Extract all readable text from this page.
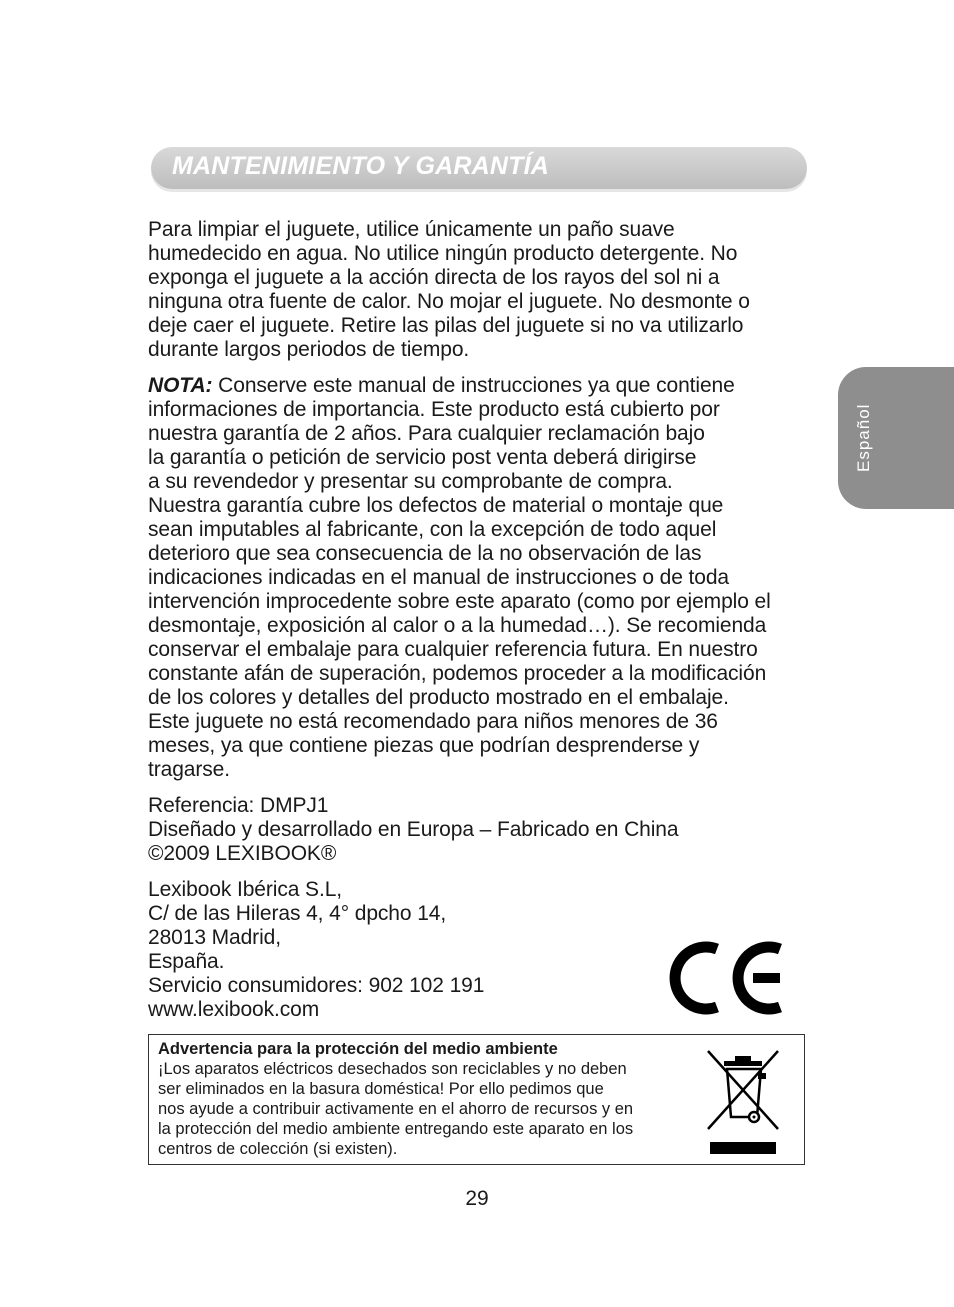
MANTENIMIENTO Y GARANTÍA
Español

Para limpiar el juguete, utilice únicamente un paño suave
humedecido en agua. No utilice ningún producto detergente. No
exponga el juguete a la acción directa de los rayos del sol ni a
ninguna otra fuente de calor. No mojar el juguete. No desmonte o
deje caer el juguete. Retire las pilas del juguete si no va utilizarlo
durante largos periodos de tiempo.

NOTA: Conserve este manual de instrucciones ya que contiene
informaciones de importancia. Este producto está cubierto por
nuestra garantía de 2 años. Para cualquier reclamación bajo
la garantía o petición de servicio post venta deberá dirigirse
a su revendedor y presentar su comprobante de compra.
Nuestra garantía cubre los defectos de material o montaje que
sean imputables al fabricante, con la excepción de todo aquel
deterioro que sea consecuencia de la no observación de las
indicaciones indicadas en el manual de instrucciones o de toda
intervención improcedente sobre este aparato (como por ejemplo el
desmontaje, exposición al calor o a la humedad…). Se recomienda
conservar el embalaje para cualquier referencia futura. En nuestro
constante afán de superación, podemos proceder a la modificación
de los colores y detalles del producto mostrado en el embalaje.
Este juguete no está recomendado para niños menores de 36
meses, ya que contiene piezas que podrían desprenderse y
tragarse.

Referencia: DMPJ1
Diseñado y desarrollado en Europa – Fabricado en China
©2009 LEXIBOOK®

Lexibook Ibérica S.L,
C/ de las Hileras 4, 4° dpcho 14,
28013 Madrid,
España.
Servicio consumidores: 902 102 191
www.lexibook.com

Advertencia para la protección del medio ambiente

¡Los aparatos eléctricos desechados son reciclables y no deben
ser eliminados en la basura doméstica! Por ello pedimos que
nos ayude a contribuir activamente en el ahorro de recursos y en
la protección del medio ambiente entregando este aparato en los
centros de colección (si existen).

29
